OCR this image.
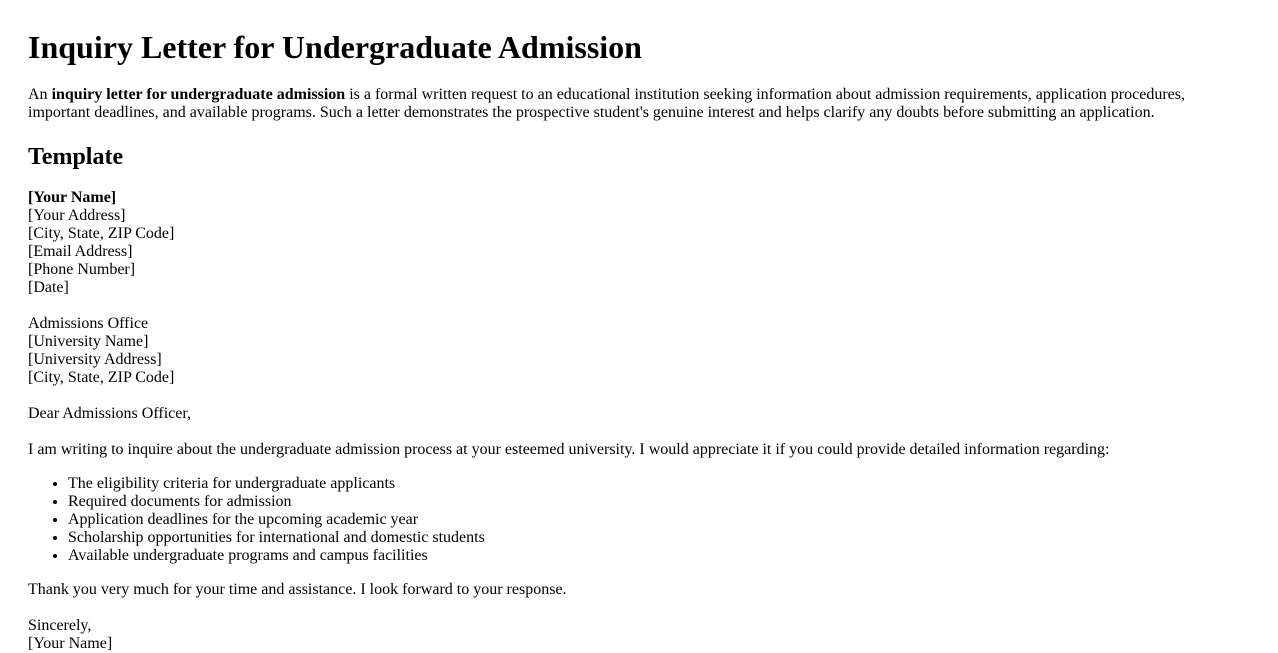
Inquiry Letter for Undergraduate Admission

An inquiry letter for undergraduate admission is a formal written request to an educational institution seeking information about admission requirements, application procedures, important deadlines, and available programs. Such a letter demonstrates the prospective student's genuine interest and helps clarify any doubts before submitting an application.

Template
[Your Name]
[Your Address]
[City, State, ZIP Code]
[Email Address]
[Phone Number]
[Date]
Admissions Office
[University Name]
[University Address]
[City, State, ZIP Code]
Dear Admissions Officer,
I am writing to inquire about the undergraduate admission process at your esteemed university. I would appreciate it if you could provide detailed information regarding:
• The eligibility criteria for undergraduate applicants
• Required documents for admission
• Application deadlines for the upcoming academic year
• Scholarship opportunities for international and domestic students
• Available undergraduate programs and campus facilities
Thank you very much for your time and assistance. I look forward to your response.
Sincerely,
[Your Name]
